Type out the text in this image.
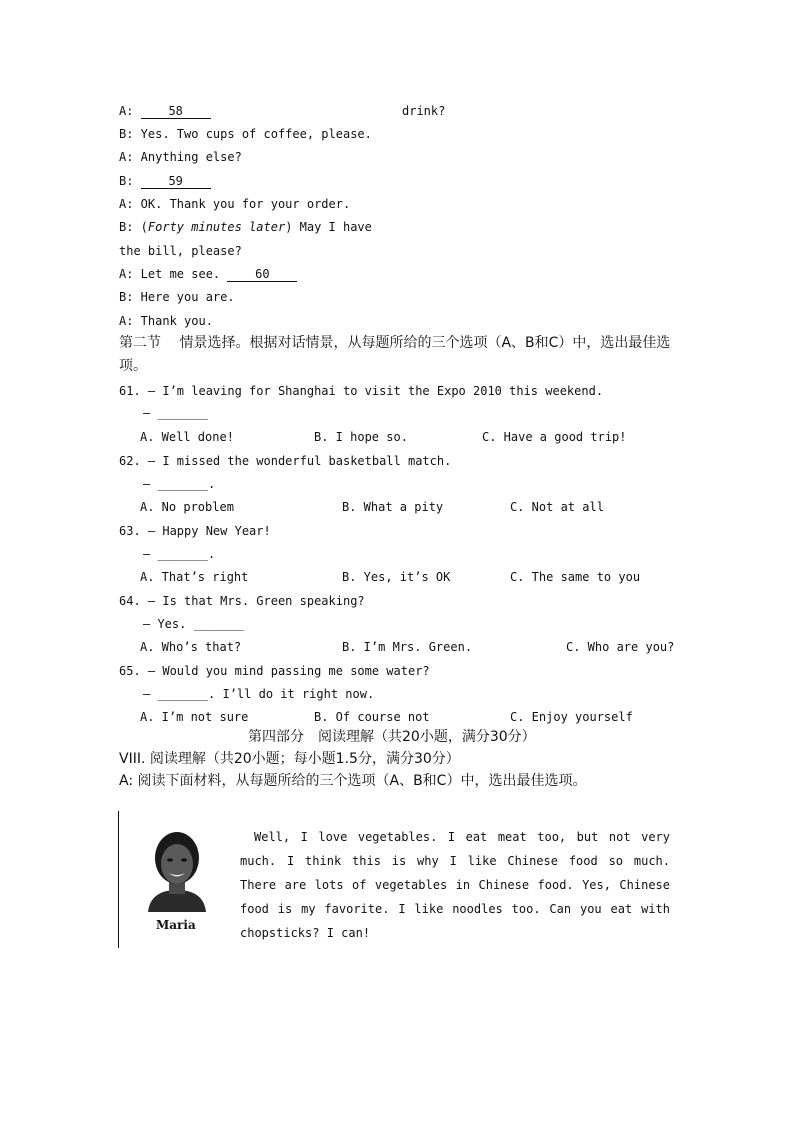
A:	58	drink?
B: Yes. Two cups of coffee, please.
A: Anything else?
B:	59
A: OK. Thank you for your order.
B: (Forty minutes later) May I have
the bill, please?
A: Let me see.	60
B: Here you are.
A: Thank you.
第二节　 情景选择。根据对话情景，从每题所给的三个选项（A、B和C）中，选出最佳选
项。
61. — I’m leaving for Shanghai to visit the Expo 2010 this weekend.
— _______
A. Well done!	B. I hope so.	C. Have a good trip!
62. — I missed the wonderful basketball match.
— _______.
A. No problem	B. What a pity	C. Not at all
63. — Happy New Year!
— _______.
A. That’s right	B. Yes, it’s OK	C. The same to you
64. — Is that Mrs. Green speaking?
— Yes. _______
A. Who’s that?	B. I’m Mrs. Green.	C. Who are you?
65. — Would you mind passing me some water?
— _______. I’ll do it right now.
A. I’m not sure	B. Of course not	C. Enjoy yourself
第四部分　阅读理解（共20小题，满分30分）
VIII. 阅读理解（共20小题；每小题1.5分，满分30分）
A: 阅读下面材料，从每题所给的三个选项（A、B和C）中，选出最佳选项。
Maria
Well, I love vegetables. I eat meat too, but not very much. I think this is why I like Chinese food so much. There are lots of vegetables in Chinese food. Yes, Chinese food is my favorite. I like noodles too. Can you eat with chopsticks? I can!
